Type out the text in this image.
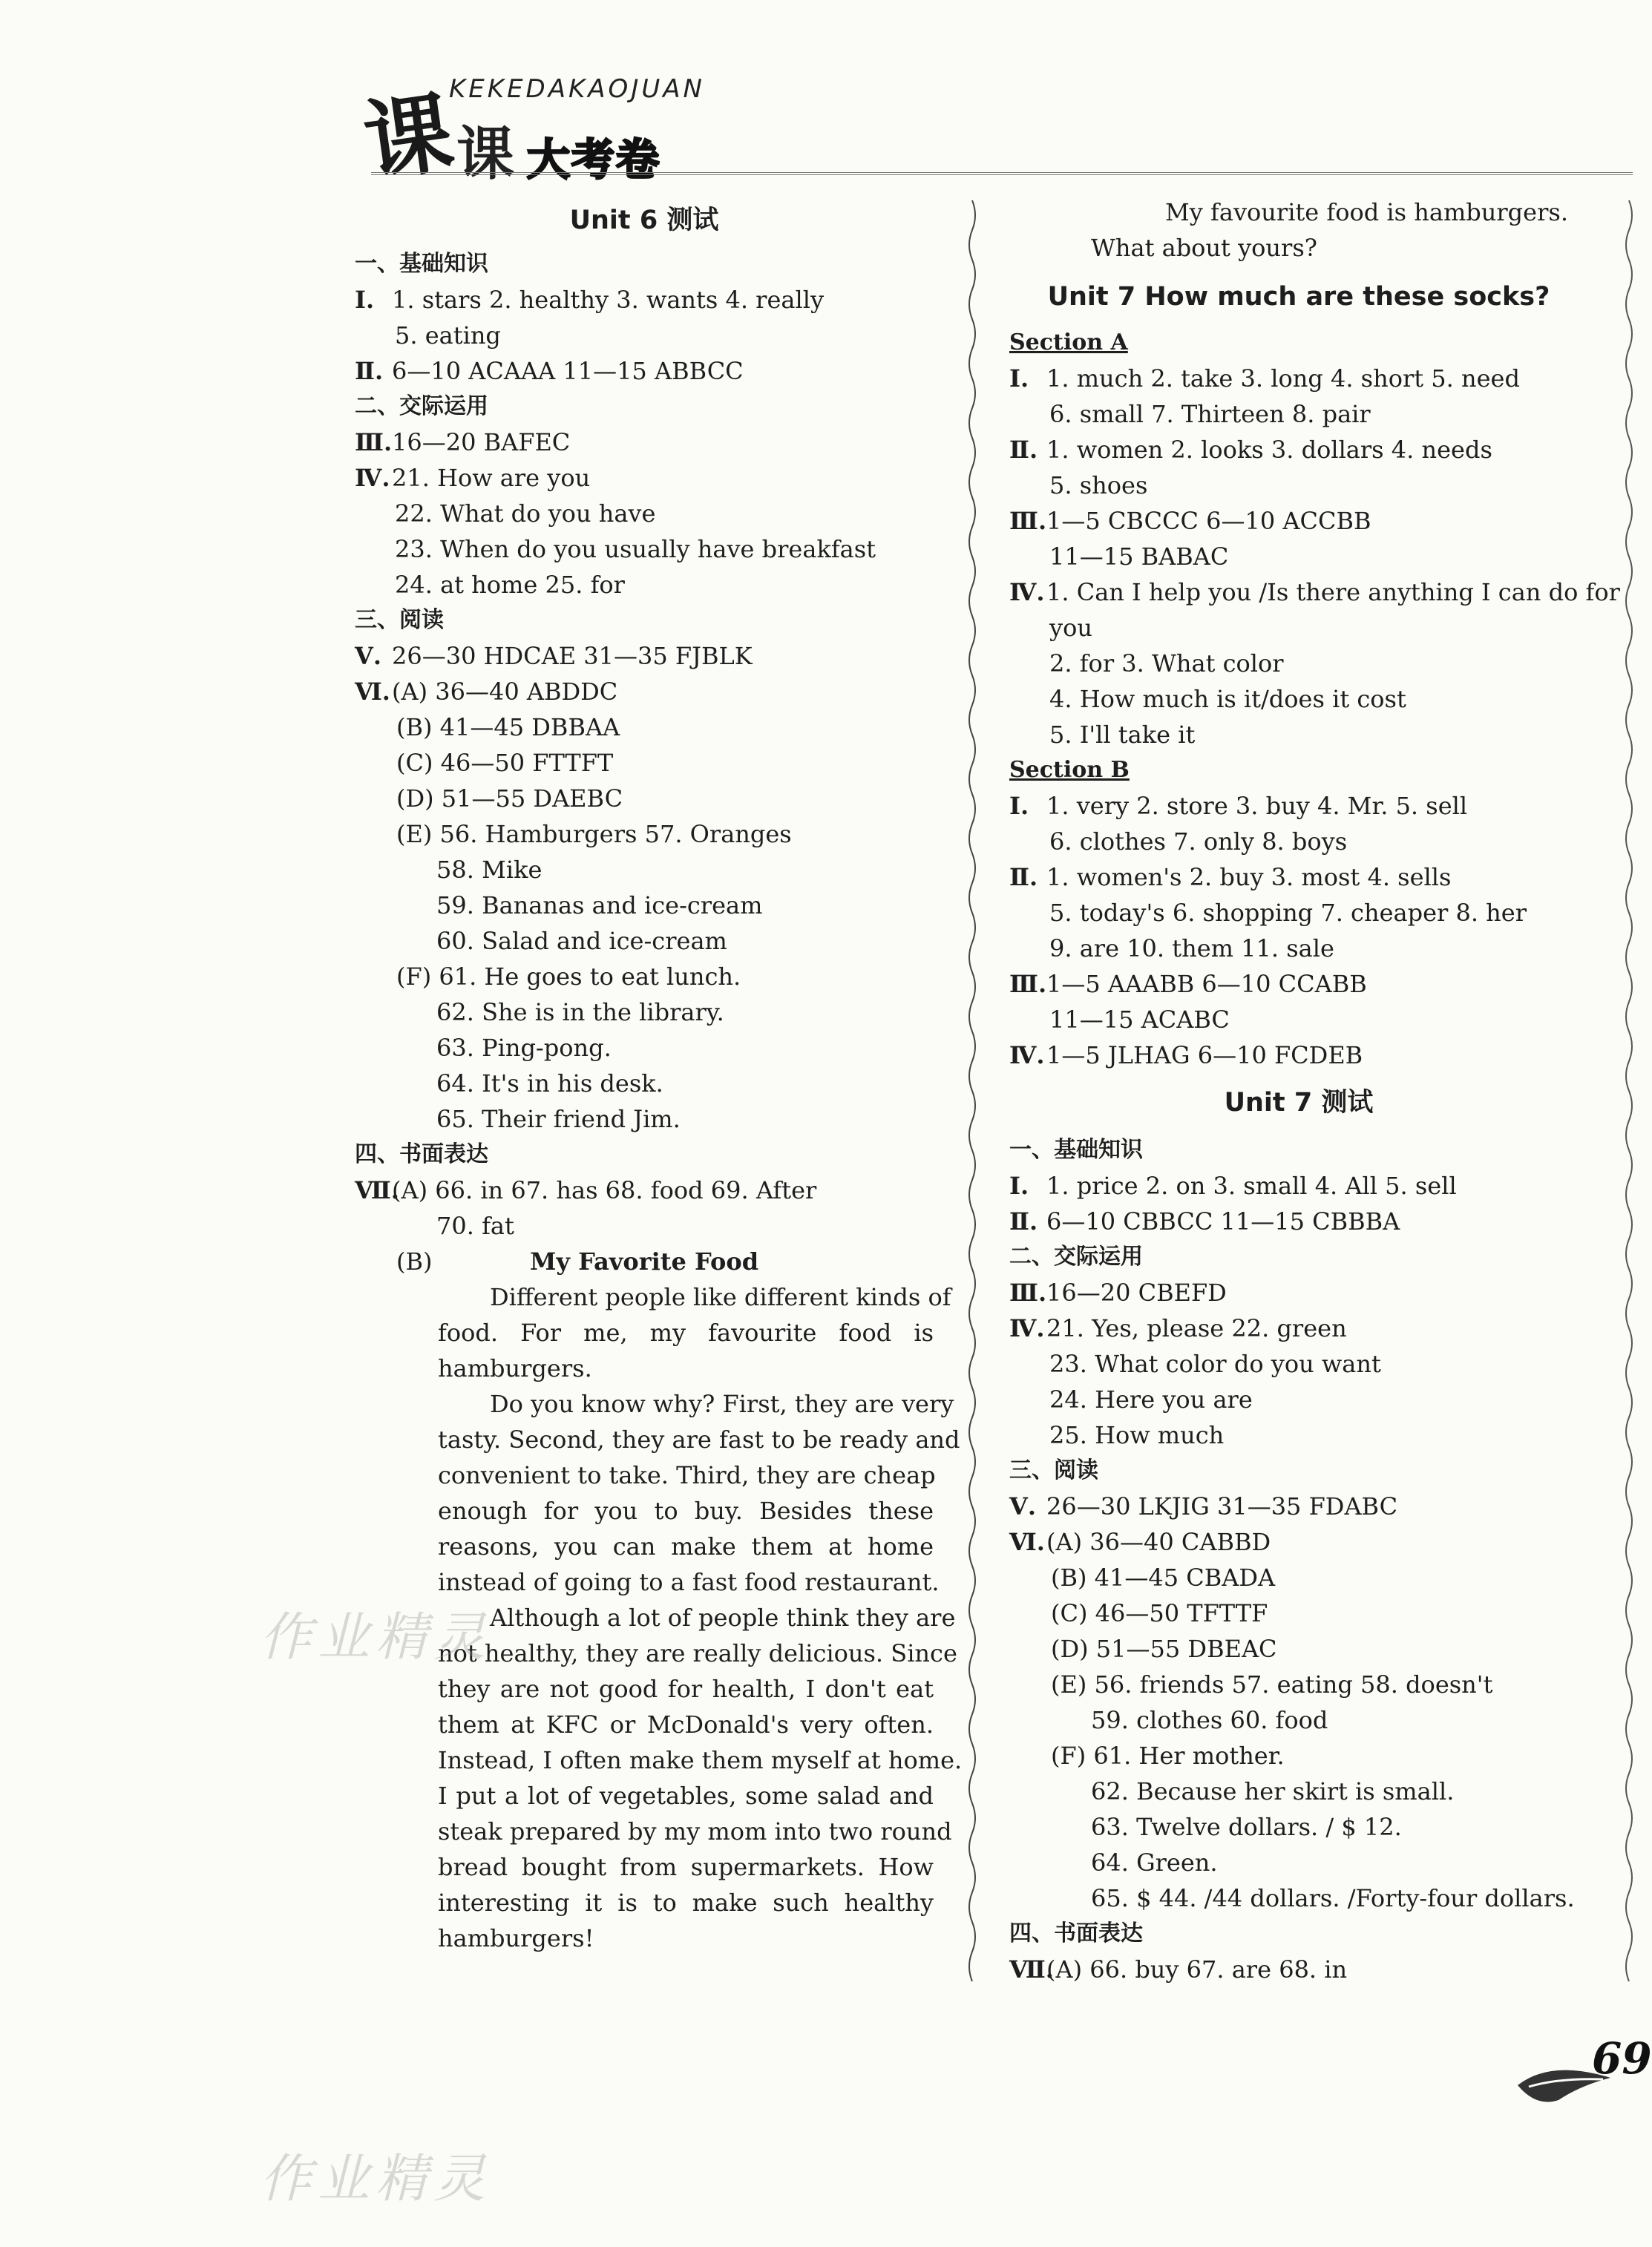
课
课
KEKEDAKAOJUAN
大考卷
Unit 6 测试
一、基础知识
Ⅰ. 1. stars 2. healthy 3. wants 4. really
5. eating
Ⅱ. 6—10 ACAAA 11—15 ABBCC
二、交际运用
Ⅲ.16—20 BAFEC
Ⅳ.21. How are you
22. What do you have
23. When do you usually have breakfast
24. at home 25. for
三、阅读
Ⅴ. 26—30 HDCAE 31—35 FJBLK
Ⅵ.(A) 36—40 ABDDC
(B) 41—45 DBBAA
(C) 46—50 FTTFT
(D) 51—55 DAEBC
(E) 56. Hamburgers 57. Oranges
58. Mike
59. Bananas and ice-cream
60. Salad and ice-cream
(F) 61. He goes to eat lunch.
62. She is in the library.
63. Ping-pong.
64. It's in his desk.
65. Their friend Jim.
四、书面表达
Ⅶ.(A) 66. in 67. has 68. food 69. After
70. fat
(B)	My Favorite Food
Different people like different kinds of
food. For me, my favourite food is
hamburgers.
Do you know why? First, they are very
tasty. Second, they are fast to be ready and
convenient to take. Third, they are cheap
enough for you to buy. Besides these
reasons, you can make them at home
instead of going to a fast food restaurant.
Although a lot of people think they are
not healthy, they are really delicious. Since
they are not good for health, I don't eat
them at KFC or McDonald's very often.
Instead, I often make them myself at home.
I put a lot of vegetables, some salad and
steak prepared by my mom into two round
bread bought from supermarkets. How
interesting it is to make such healthy
hamburgers!
My favourite food is hamburgers.
What about yours?
Unit 7 How much are these socks?
Section A
Ⅰ. 1. much 2. take 3. long 4. short 5. need
6. small 7. Thirteen 8. pair
Ⅱ. 1. women 2. looks 3. dollars 4. needs
5. shoes
Ⅲ.1—5 CBCCC 6—10 ACCBB
11—15 BABAC
Ⅳ.1. Can I help you /Is there anything I can do for
you
2. for 3. What color
4. How much is it/does it cost
5. I'll take it
Section B
Ⅰ. 1. very 2. store 3. buy 4. Mr. 5. sell
6. clothes 7. only 8. boys
Ⅱ. 1. women's 2. buy 3. most 4. sells
5. today's 6. shopping 7. cheaper 8. her
9. are 10. them 11. sale
Ⅲ.1—5 AAABB 6—10 CCABB
11—15 ACABC
Ⅳ.1—5 JLHAG 6—10 FCDEB
Unit 7 测试
一、基础知识
Ⅰ. 1. price 2. on 3. small 4. All 5. sell
Ⅱ. 6—10 CBBCC 11—15 CBBBA
二、交际运用
Ⅲ.16—20 CBEFD
Ⅳ.21. Yes, please 22. green
23. What color do you want
24. Here you are
25. How much
三、阅读
Ⅴ. 26—30 LKJIG 31—35 FDABC
Ⅵ.(A) 36—40 CABBD
(B) 41—45 CBADA
(C) 46—50 TFTTF
(D) 51—55 DBEAC
(E) 56. friends 57. eating 58. doesn't
59. clothes 60. food
(F) 61. Her mother.
62. Because her skirt is small.
63. Twelve dollars. / $ 12.
64. Green.
65. $ 44. /44 dollars. /Forty-four dollars.
四、书面表达
Ⅶ.(A) 66. buy 67. are 68. in
69
作业精灵
作业精灵
